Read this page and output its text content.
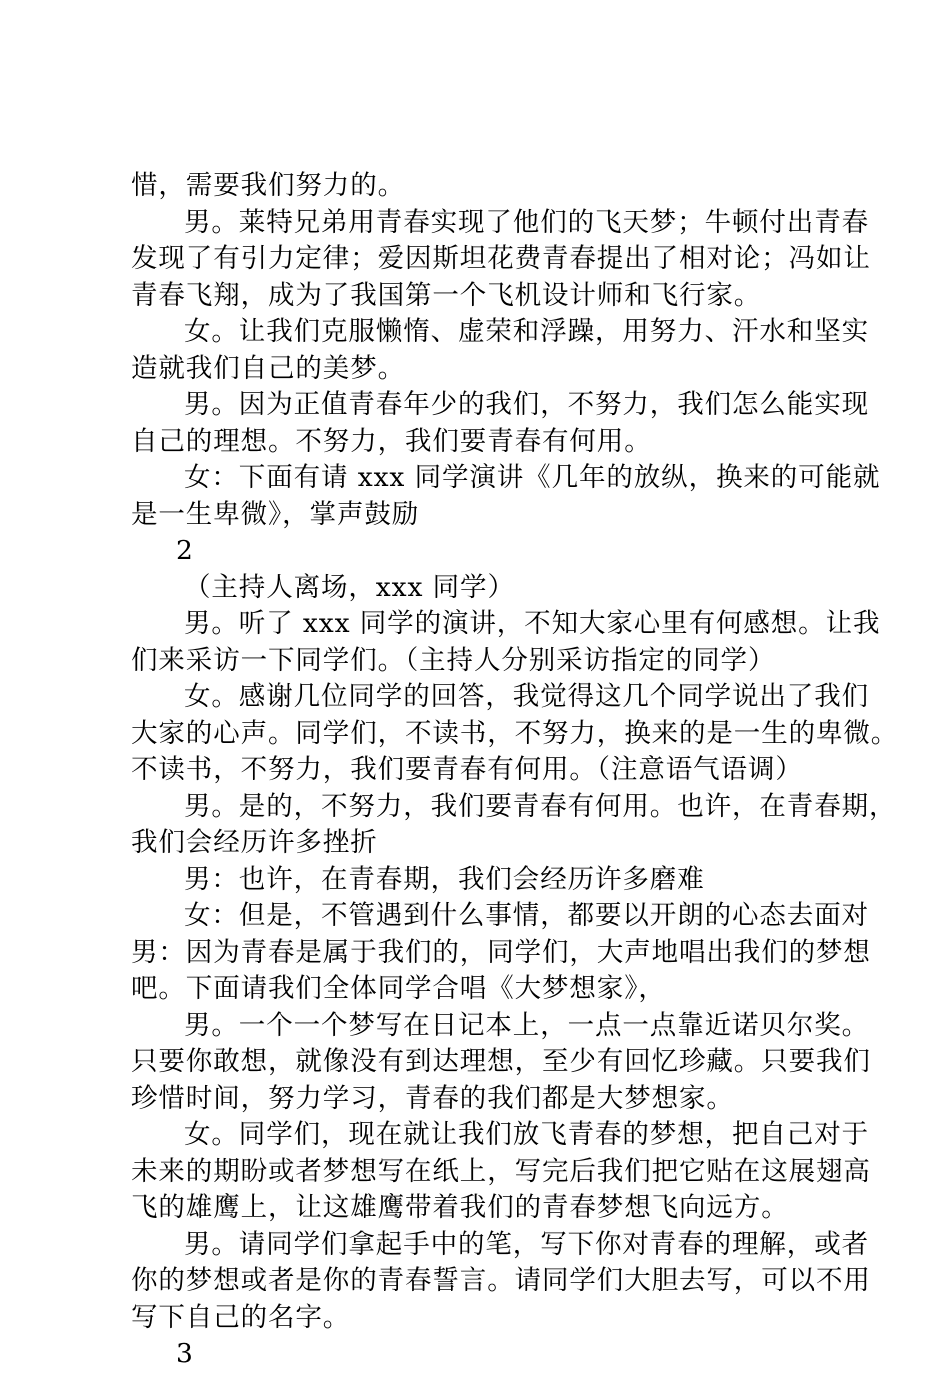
惜，需要我们努力的。
男。莱特兄弟用青春实现了他们的飞天梦；牛顿付出青春
发现了有引力定律；爱因斯坦花费青春提出了相对论；冯如让
青春飞翔，成为了我国第一个飞机设计师和飞行家。
女。让我们克服懒惰、虚荣和浮躁，用努力、汗水和坚实
造就我们自己的美梦。
男。因为正值青春年少的我们，不努力，我们怎么能实现
自己的理想。不努力，我们要青春有何用。
女：下面有请 xxx 同学演讲《几年的放纵，换来的可能就
是一生卑微》，掌声鼓励
2
（主持人离场，xxx 同学）
男。听了 xxx 同学的演讲，不知大家心里有何感想。让我
们来采访一下同学们。（主持人分别采访指定的同学）
女。感谢几位同学的回答，我觉得这几个同学说出了我们
大家的心声。同学们，不读书，不努力，换来的是一生的卑微。
不读书，不努力，我们要青春有何用。（注意语气语调）
男。是的，不努力，我们要青春有何用。也许，在青春期，
我们会经历许多挫折
男：也许，在青春期，我们会经历许多磨难
女：但是，不管遇到什么事情，都要以开朗的心态去面对
男：因为青春是属于我们的，同学们，大声地唱出我们的梦想
吧。下面请我们全体同学合唱《大梦想家》，
男。一个一个梦写在日记本上，一点一点靠近诺贝尔奖。
只要你敢想，就像没有到达理想，至少有回忆珍藏。只要我们
珍惜时间，努力学习，青春的我们都是大梦想家。
女。同学们，现在就让我们放飞青春的梦想，把自己对于
未来的期盼或者梦想写在纸上，写完后我们把它贴在这展翅高
飞的雄鹰上，让这雄鹰带着我们的青春梦想飞向远方。
男。请同学们拿起手中的笔，写下你对青春的理解，或者
你的梦想或者是你的青春誓言。请同学们大胆去写，可以不用
写下自己的名字。
3
